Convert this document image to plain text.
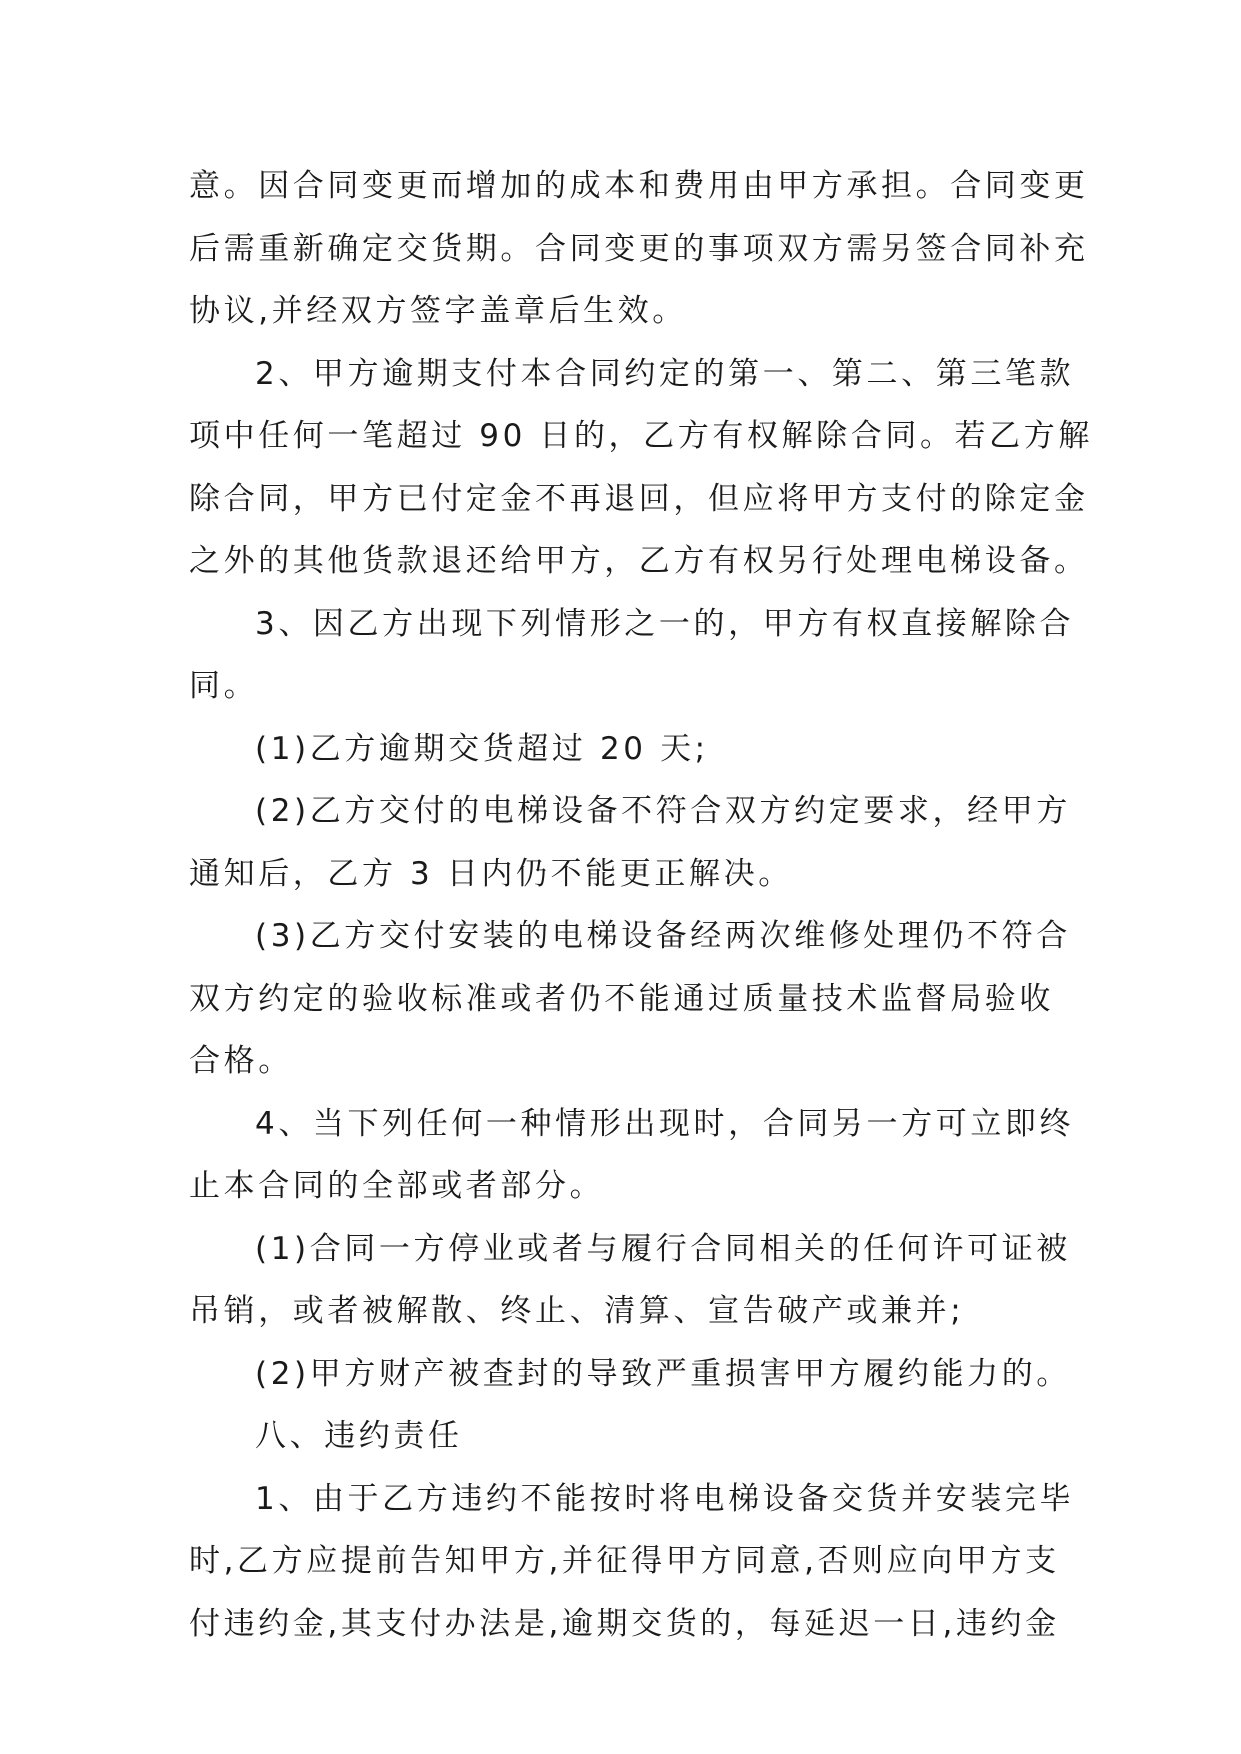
意。因合同变更而增加的成本和费用由甲方承担。合同变更
后需重新确定交货期。合同变更的事项双方需另签合同补充
协议,并经双方签字盖章后生效。
2、甲方逾期支付本合同约定的第一、第二、第三笔款
项中任何一笔超过 90 日的，乙方有权解除合同。若乙方解
除合同，甲方已付定金不再退回，但应将甲方支付的除定金
之外的其他货款退还给甲方，乙方有权另行处理电梯设备。
3、因乙方出现下列情形之一的，甲方有权直接解除合
同。
(1)乙方逾期交货超过 20 天;
(2)乙方交付的电梯设备不符合双方约定要求，经甲方
通知后，乙方 3 日内仍不能更正解决。
(3)乙方交付安装的电梯设备经两次维修处理仍不符合
双方约定的验收标准或者仍不能通过质量技术监督局验收
合格。
4、当下列任何一种情形出现时，合同另一方可立即终
止本合同的全部或者部分。
(1)合同一方停业或者与履行合同相关的任何许可证被
吊销，或者被解散、终止、清算、宣告破产或兼并;
(2)甲方财产被查封的导致严重损害甲方履约能力的。
八、违约责任
1、由于乙方违约不能按时将电梯设备交货并安装完毕
时,乙方应提前告知甲方,并征得甲方同意,否则应向甲方支
付违约金,其支付办法是,逾期交货的，每延迟一日,违约金
